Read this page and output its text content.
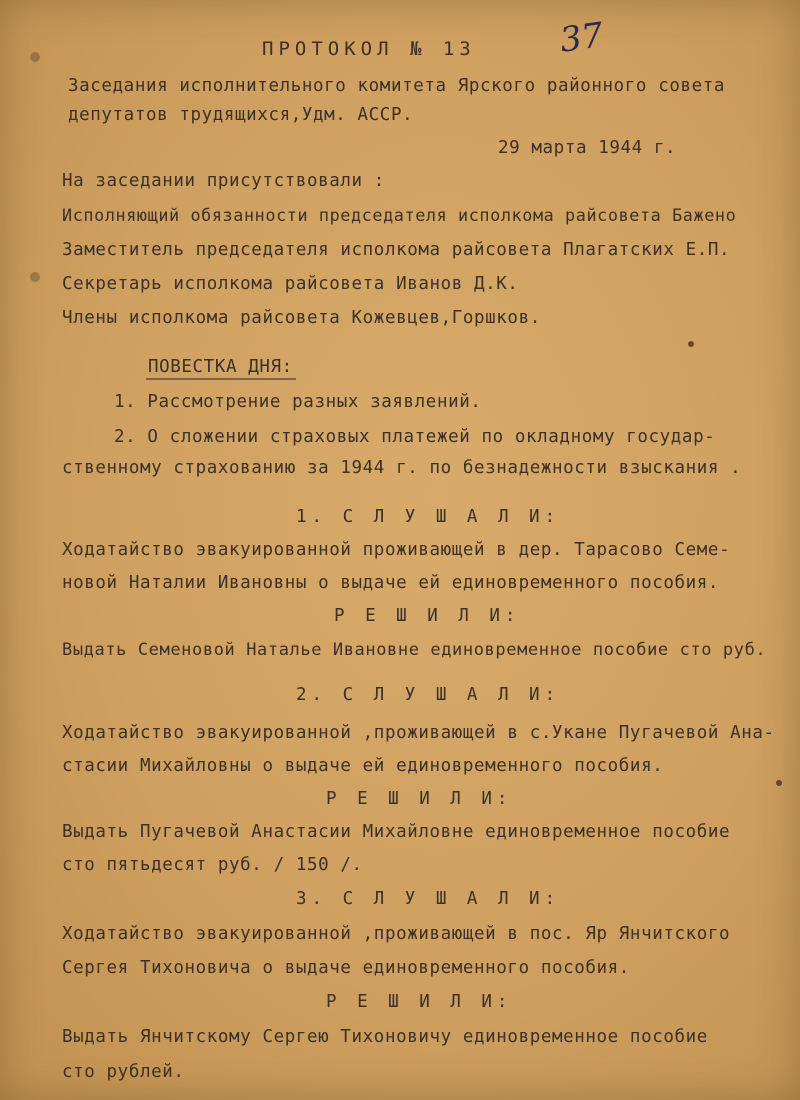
ПРОТОКОЛ № 13 37
Заседания исполнительного комитета Ярского районного совета
депутатов трудящихся,Удм. АССР.
29 марта 1944 г.
На заседании присутствовали :
Исполняющий обязанности председателя исполкома райсовета Бажено
Заместитель председателя исполкома райсовета Плагатских Е.П.
Секретарь исполкома райсовета Иванов Д.К.
Члены исполкома райсовета Кожевцев,Горшков.
ПОВЕСТКА ДНЯ:
1. Рассмотрение разных заявлений.
2. О сложении страховых платежей по окладному государ-
ственному страхованию за 1944 г. по безнадежности взыскания .
1. С Л У Ш А Л И:
Ходатайство эвакуированной проживающей в дер. Тарасово Семе-
новой Наталии Ивановны о выдаче ей единовременного пособия.
Р Е Ш И Л И:
Выдать Семеновой Наталье Ивановне единовременное пособие сто руб.
2. С Л У Ш А Л И:
Ходатайство эвакуированной ,проживающей в с.Укане Пугачевой Ана-
стасии Михайловны о выдаче ей единовременного пособия.
Р Е Ш И Л И:
Выдать Пугачевой Анастасии Михайловне единовременное пособие
сто пятьдесят руб. / 150 /.
3. С Л У Ш А Л И:
Ходатайство эвакуированной ,проживающей в пос. Яр Янчитского
Сергея Тихоновича о выдаче единовременного пособия.
Р Е Ш И Л И:
Выдать Янчитскому Сергею Тихоновичу единовременное пособие
сто рублей.
